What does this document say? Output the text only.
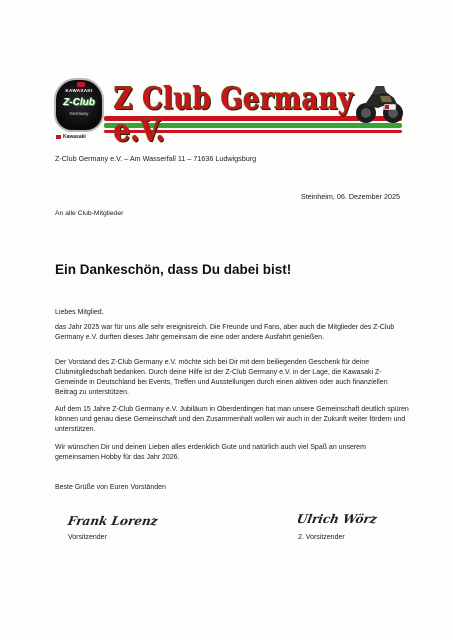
KAWASAKI
Z-Club
Germany
Kawasaki
Z Club Germany e.V.

Z-Club Germany e.V. – Am Wasserfall 11 – 71636 Ludwigsburg

Steinheim, 06. Dezember 2025

An alle Club-Mitglieder

Ein Dankeschön, dass Du dabei bist!

Liebes Mitglied,

das Jahr 2025 war für uns alle sehr ereignisreich. Die Freunde und Fans, aber auch die Mitglieder des Z-Club Germany e.V. durften dieses Jahr gemeinsam die eine oder andere Ausfahrt genießen.

Der Vorstand des Z-Club Germany e.V. möchte sich bei Dir mit dem beiliegenden Geschenk für deine Clubmitgliedschaft bedanken. Durch deine Hilfe ist der Z-Club Germany e.V. in der Lage, die Kawasaki Z-Gemeinde in Deutschland bei Events, Treffen und Ausstellungen durch einen aktiven oder auch finanziellen Beitrag zu unterstützen.

Auf dem 15 Jahre Z-Club Germany e.V. Jubiläum in Oberderdingen hat man unsere Gemeinschaft deutlich spüren können und genau diese Gemeinschaft und den Zusammenhalt wollen wir auch in der Zukunft weiter fördern und unterstützen.

Wir wünschen Dir und deinen Lieben alles erdenklich Gute und natürlich auch viel Spaß an unserem gemeinsamen Hobby für das Jahr 2026.

Beste Grüße von Euren Vorständen

Frank Lorenz
Vorsitzender
Ulrich Wörz
2. Vorsitzender
